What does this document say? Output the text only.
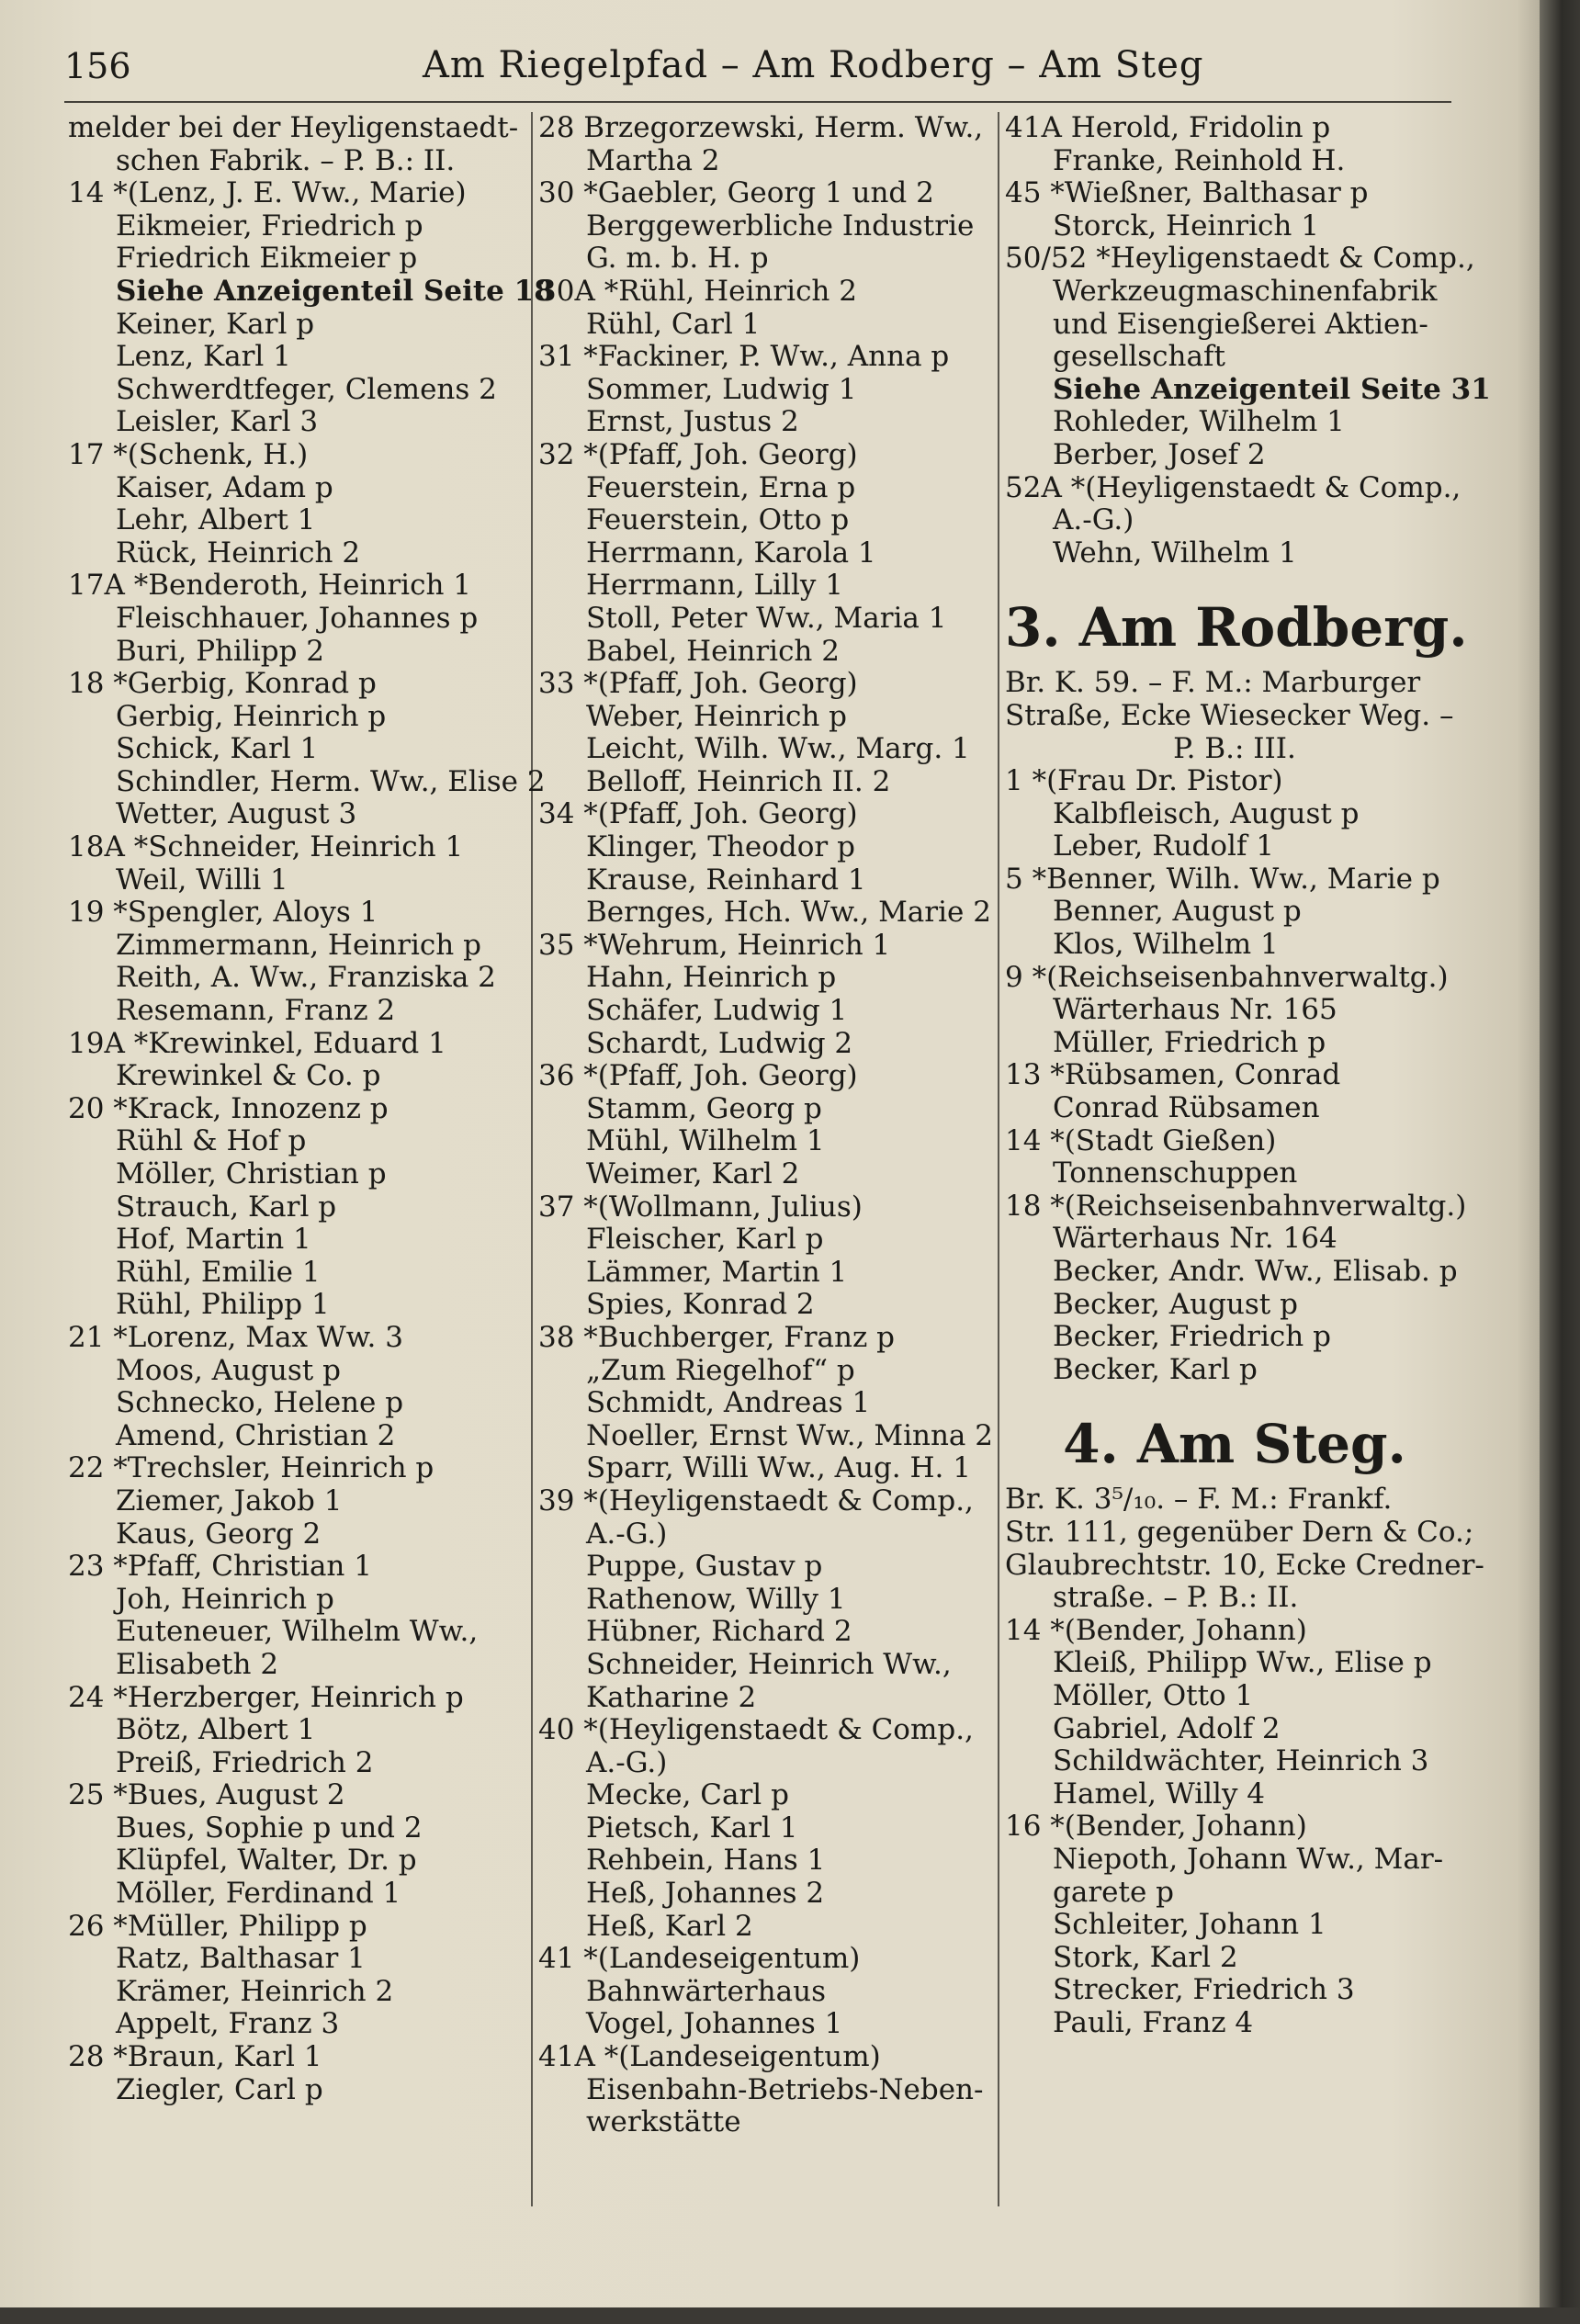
156	Am Riegelpfad – Am Rodberg – Am Steg
melder bei der Heyligenstaedt-
schen Fabrik. – P. B.: II.
14 *(Lenz, J. E. Ww., Marie)
Eikmeier, Friedrich p
Friedrich Eikmeier p
Siehe Anzeigenteil Seite 18
Keiner, Karl p
Lenz, Karl 1
Schwerdtfeger, Clemens 2
Leisler, Karl 3
17 *(Schenk, H.)
Kaiser, Adam p
Lehr, Albert 1
Rück, Heinrich 2
17A *Benderoth, Heinrich 1
Fleischhauer, Johannes p
Buri, Philipp 2
18 *Gerbig, Konrad p
Gerbig, Heinrich p
Schick, Karl 1
Schindler, Herm. Ww., Elise 2
Wetter, August 3
18A *Schneider, Heinrich 1
Weil, Willi 1
19 *Spengler, Aloys 1
Zimmermann, Heinrich p
Reith, A. Ww., Franziska 2
Resemann, Franz 2
19A *Krewinkel, Eduard 1
Krewinkel & Co. p
20 *Krack, Innozenz p
Rühl & Hof p
Möller, Christian p
Strauch, Karl p
Hof, Martin 1
Rühl, Emilie 1
Rühl, Philipp 1
21 *Lorenz, Max Ww. 3
Moos, August p
Schnecko, Helene p
Amend, Christian 2
22 *Trechsler, Heinrich p
Ziemer, Jakob 1
Kaus, Georg 2
23 *Pfaff, Christian 1
Joh, Heinrich p
Euteneuer, Wilhelm Ww.,
Elisabeth 2
24 *Herzberger, Heinrich p
Bötz, Albert 1
Preiß, Friedrich 2
25 *Bues, August 2
Bues, Sophie p und 2
Klüpfel, Walter, Dr. p
Möller, Ferdinand 1
26 *Müller, Philipp p
Ratz, Balthasar 1
Krämer, Heinrich 2
Appelt, Franz 3
28 *Braun, Karl 1
Ziegler, Carl p
28 Brzegorzewski, Herm. Ww.,
Martha 2
30 *Gaebler, Georg 1 und 2
Berggewerbliche Industrie
G. m. b. H. p
30A *Rühl, Heinrich 2
Rühl, Carl 1
31 *Fackiner, P. Ww., Anna p
Sommer, Ludwig 1
Ernst, Justus 2
32 *(Pfaff, Joh. Georg)
Feuerstein, Erna p
Feuerstein, Otto p
Herrmann, Karola 1
Herrmann, Lilly 1
Stoll, Peter Ww., Maria 1
Babel, Heinrich 2
33 *(Pfaff, Joh. Georg)
Weber, Heinrich p
Leicht, Wilh. Ww., Marg. 1
Belloff, Heinrich II. 2
34 *(Pfaff, Joh. Georg)
Klinger, Theodor p
Krause, Reinhard 1
Bernges, Hch. Ww., Marie 2
35 *Wehrum, Heinrich 1
Hahn, Heinrich p
Schäfer, Ludwig 1
Schardt, Ludwig 2
36 *(Pfaff, Joh. Georg)
Stamm, Georg p
Mühl, Wilhelm 1
Weimer, Karl 2
37 *(Wollmann, Julius)
Fleischer, Karl p
Lämmer, Martin 1
Spies, Konrad 2
38 *Buchberger, Franz p
„Zum Riegelhof“ p
Schmidt, Andreas 1
Noeller, Ernst Ww., Minna 2
Sparr, Willi Ww., Aug. H. 1
39 *(Heyligenstaedt & Comp.,
A.-G.)
Puppe, Gustav p
Rathenow, Willy 1
Hübner, Richard 2
Schneider, Heinrich Ww.,
Katharine 2
40 *(Heyligenstaedt & Comp.,
A.-G.)
Mecke, Carl p
Pietsch, Karl 1
Rehbein, Hans 1
Heß, Johannes 2
Heß, Karl 2
41 *(Landeseigentum)
Bahnwärterhaus
Vogel, Johannes 1
41A *(Landeseigentum)
Eisenbahn-Betriebs-Neben-
werkstätte
41A Herold, Fridolin p
Franke, Reinhold H.
45 *Wießner, Balthasar p
Storck, Heinrich 1
50/52 *Heyligenstaedt & Comp.,
Werkzeugmaschinenfabrik
und Eisengießerei Aktien-
gesellschaft
Siehe Anzeigenteil Seite 31
Rohleder, Wilhelm 1
Berber, Josef 2
52A *(Heyligenstaedt & Comp.,
A.-G.)
Wehn, Wilhelm 1
3. Am Rodberg.
Br. K. 59. – F. M.: Marburger
Straße, Ecke Wiesecker Weg. –
P. B.: III.
1 *(Frau Dr. Pistor)
Kalbfleisch, August p
Leber, Rudolf 1
5 *Benner, Wilh. Ww., Marie p
Benner, August p
Klos, Wilhelm 1
9 *(Reichseisenbahnverwaltg.)
Wärterhaus Nr. 165
Müller, Friedrich p
13 *Rübsamen, Conrad
Conrad Rübsamen
14 *(Stadt Gießen)
Tonnenschuppen
18 *(Reichseisenbahnverwaltg.)
Wärterhaus Nr. 164
Becker, Andr. Ww., Elisab. p
Becker, August p
Becker, Friedrich p
Becker, Karl p
4. Am Steg.
Br. K. 3⁵/₁₀. – F. M.: Frankf.
Str. 111, gegenüber Dern & Co.;
Glaubrechtstr. 10, Ecke Credner-
straße. – P. B.: II.
14 *(Bender, Johann)
Kleiß, Philipp Ww., Elise p
Möller, Otto 1
Gabriel, Adolf 2
Schildwächter, Heinrich 3
Hamel, Willy 4
16 *(Bender, Johann)
Niepoth, Johann Ww., Mar-
garete p
Schleiter, Johann 1
Stork, Karl 2
Strecker, Friedrich 3
Pauli, Franz 4
